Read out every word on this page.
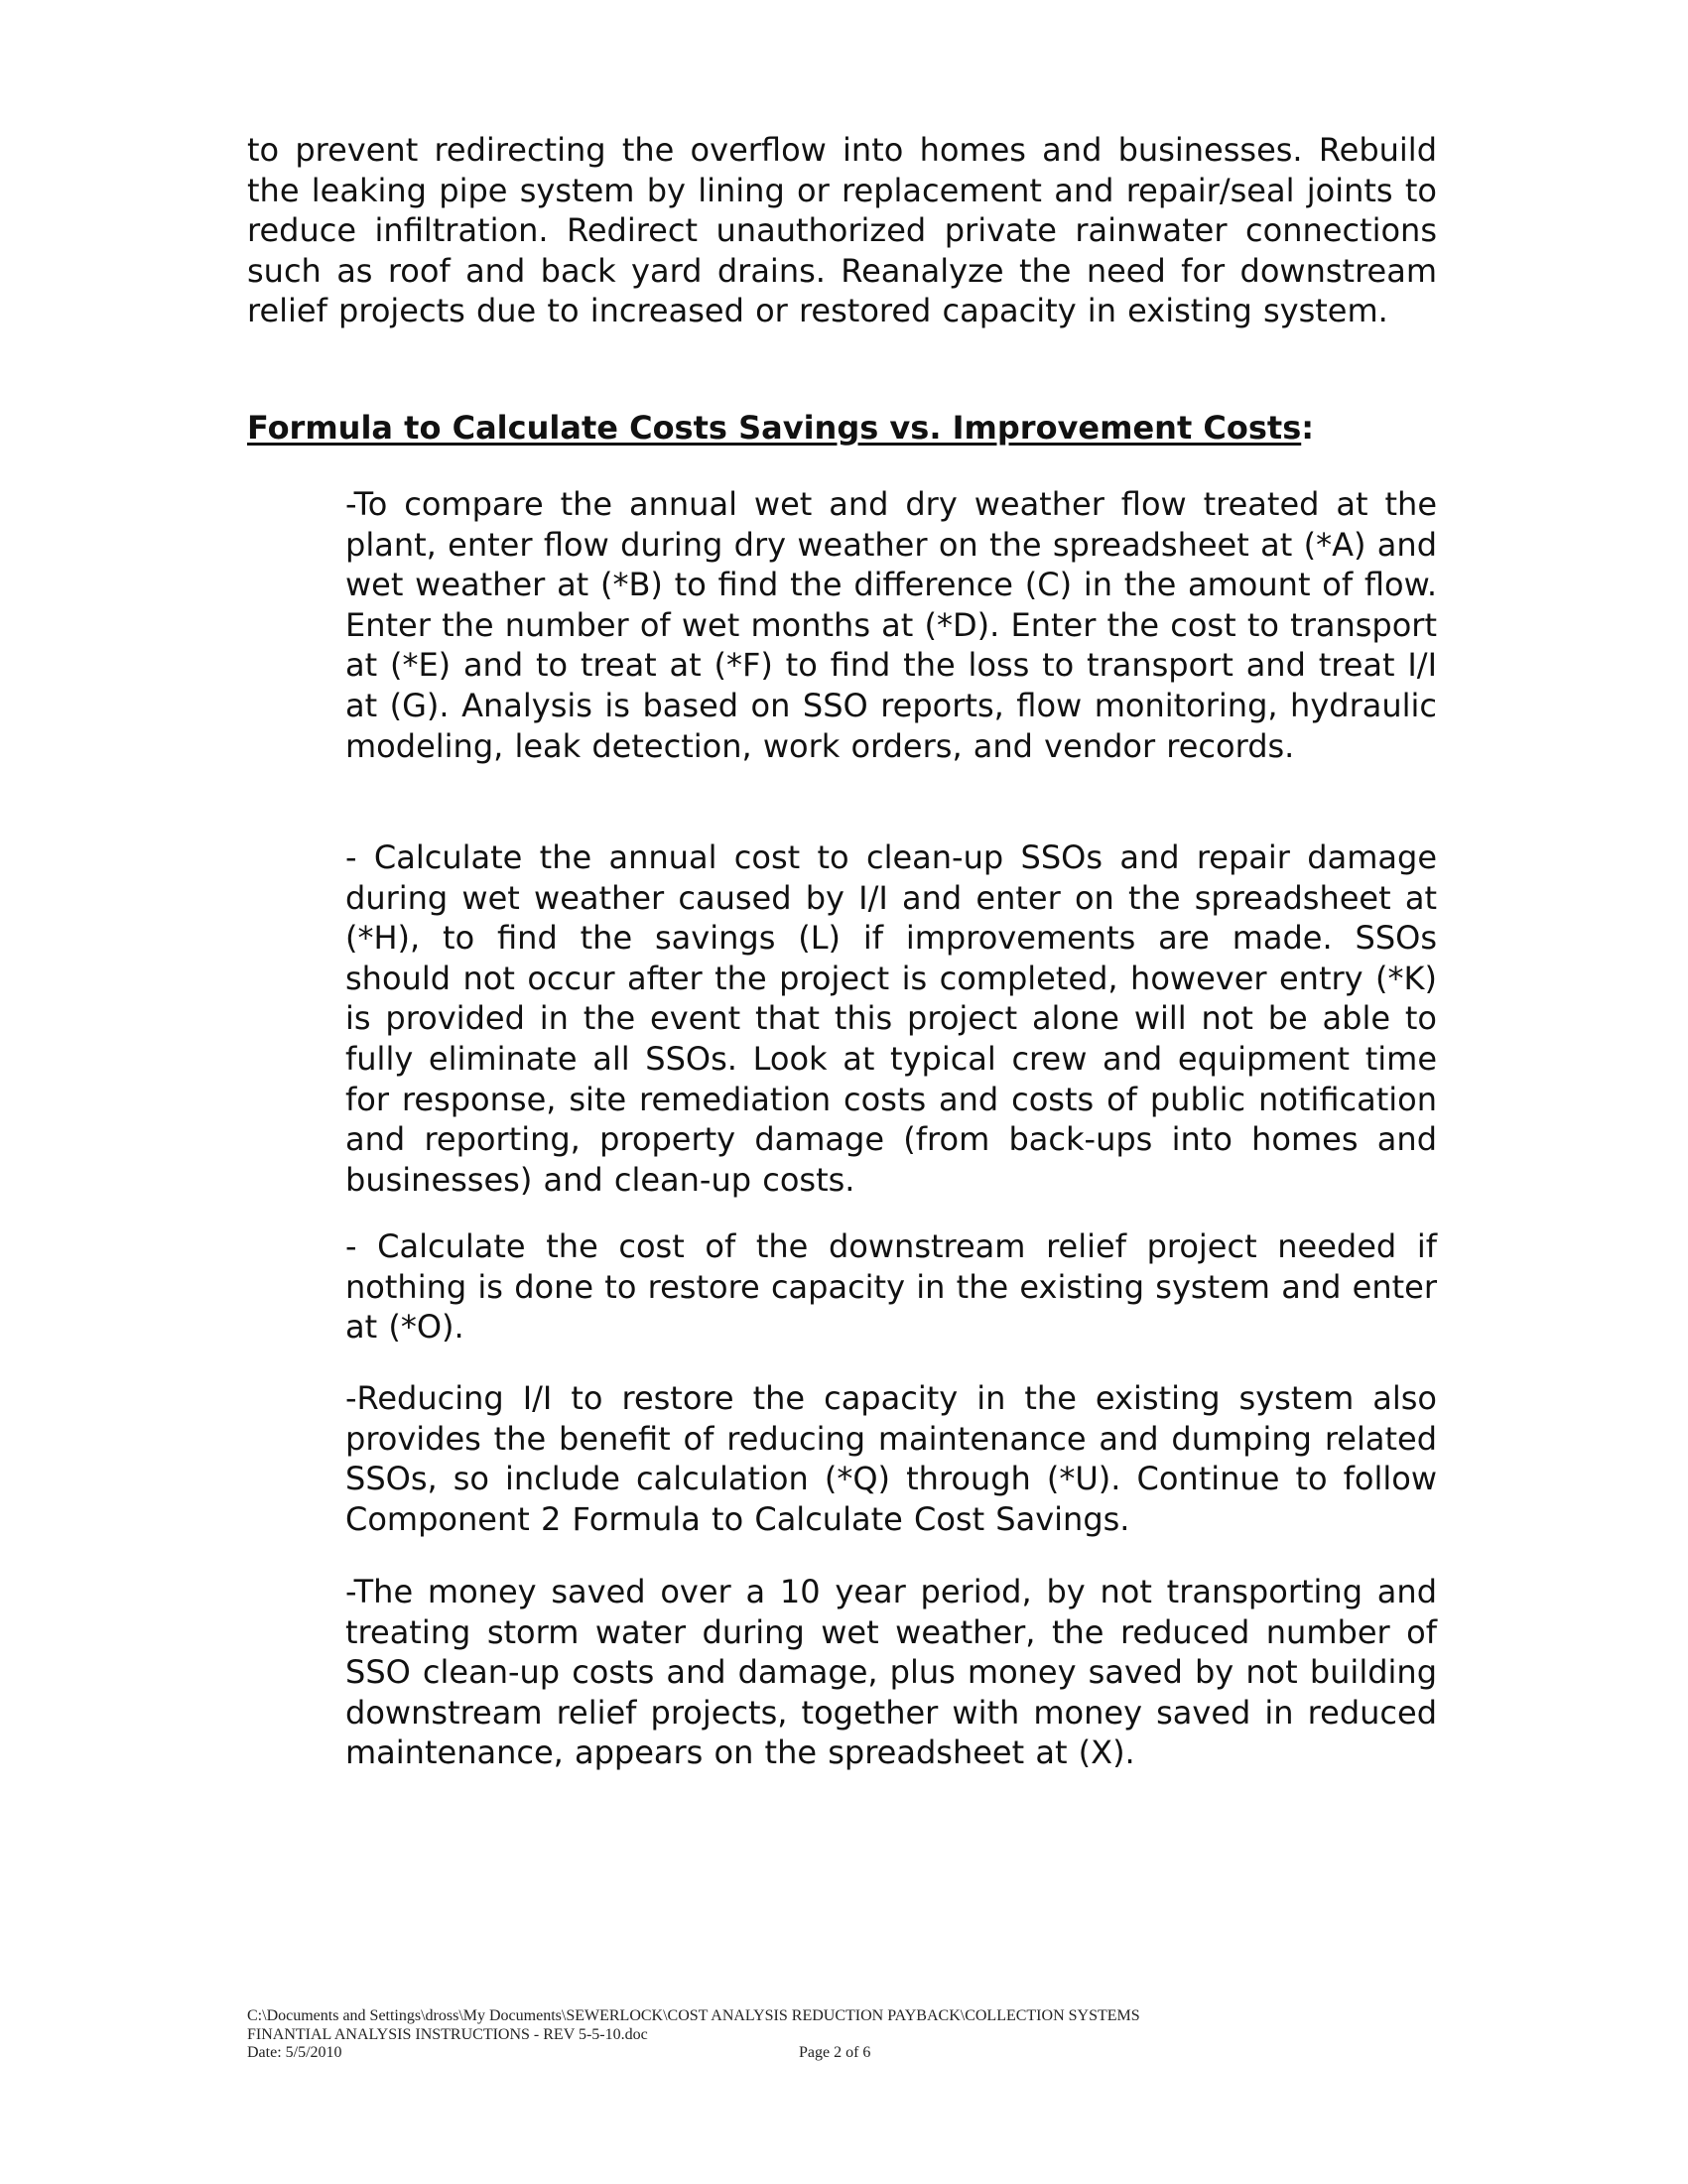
to prevent redirecting the overflow into homes and businesses. Rebuild the leaking pipe system by lining or replacement and repair/seal joints to reduce infiltration. Redirect unauthorized private rainwater connections such as roof and back yard drains. Reanalyze the need for downstream relief projects due to increased or restored capacity in existing system.

Formula to Calculate Costs Savings vs. Improvement Costs:

-To compare the annual wet and dry weather flow treated at the plant, enter flow during dry weather on the spreadsheet at (*A) and wet weather at (*B) to find the difference (C) in the amount of flow. Enter the number of wet months at (*D). Enter the cost to transport at (*E) and to treat at (*F) to find the loss to transport and treat I/I at (G). Analysis is based on SSO reports, flow monitoring, hydraulic modeling, leak detection, work orders, and vendor records.

- Calculate the annual cost to clean-up SSOs and repair damage during wet weather caused by I/I and enter on the spreadsheet at (*H), to find the savings (L) if improvements are made. SSOs should not occur after the project is completed, however entry (*K) is provided in the event that this project alone will not be able to fully eliminate all SSOs. Look at typical crew and equipment time for response, site remediation costs and costs of public notification and reporting, property damage (from back-ups into homes and businesses) and clean-up costs.

- Calculate the cost of the downstream relief project needed if nothing is done to restore capacity in the existing system and enter at (*O).

-Reducing I/I to restore the capacity in the existing system also provides the benefit of reducing maintenance and dumping related SSOs, so include calculation (*Q) through (*U). Continue to follow Component 2 Formula to Calculate Cost Savings.

-The money saved over a 10 year period, by not transporting and treating storm water during wet weather, the reduced number of SSO clean-up costs and damage, plus money saved by not building downstream relief projects, together with money saved in reduced maintenance, appears on the spreadsheet at (X).

C:\Documents and Settings\dross\My Documents\SEWERLOCK\COST ANALYSIS REDUCTION PAYBACK\COLLECTION SYSTEMS
FINANTIAL ANALYSIS INSTRUCTIONS - REV 5-5-10.doc
Date: 5/5/2010	Page 2 of 6
